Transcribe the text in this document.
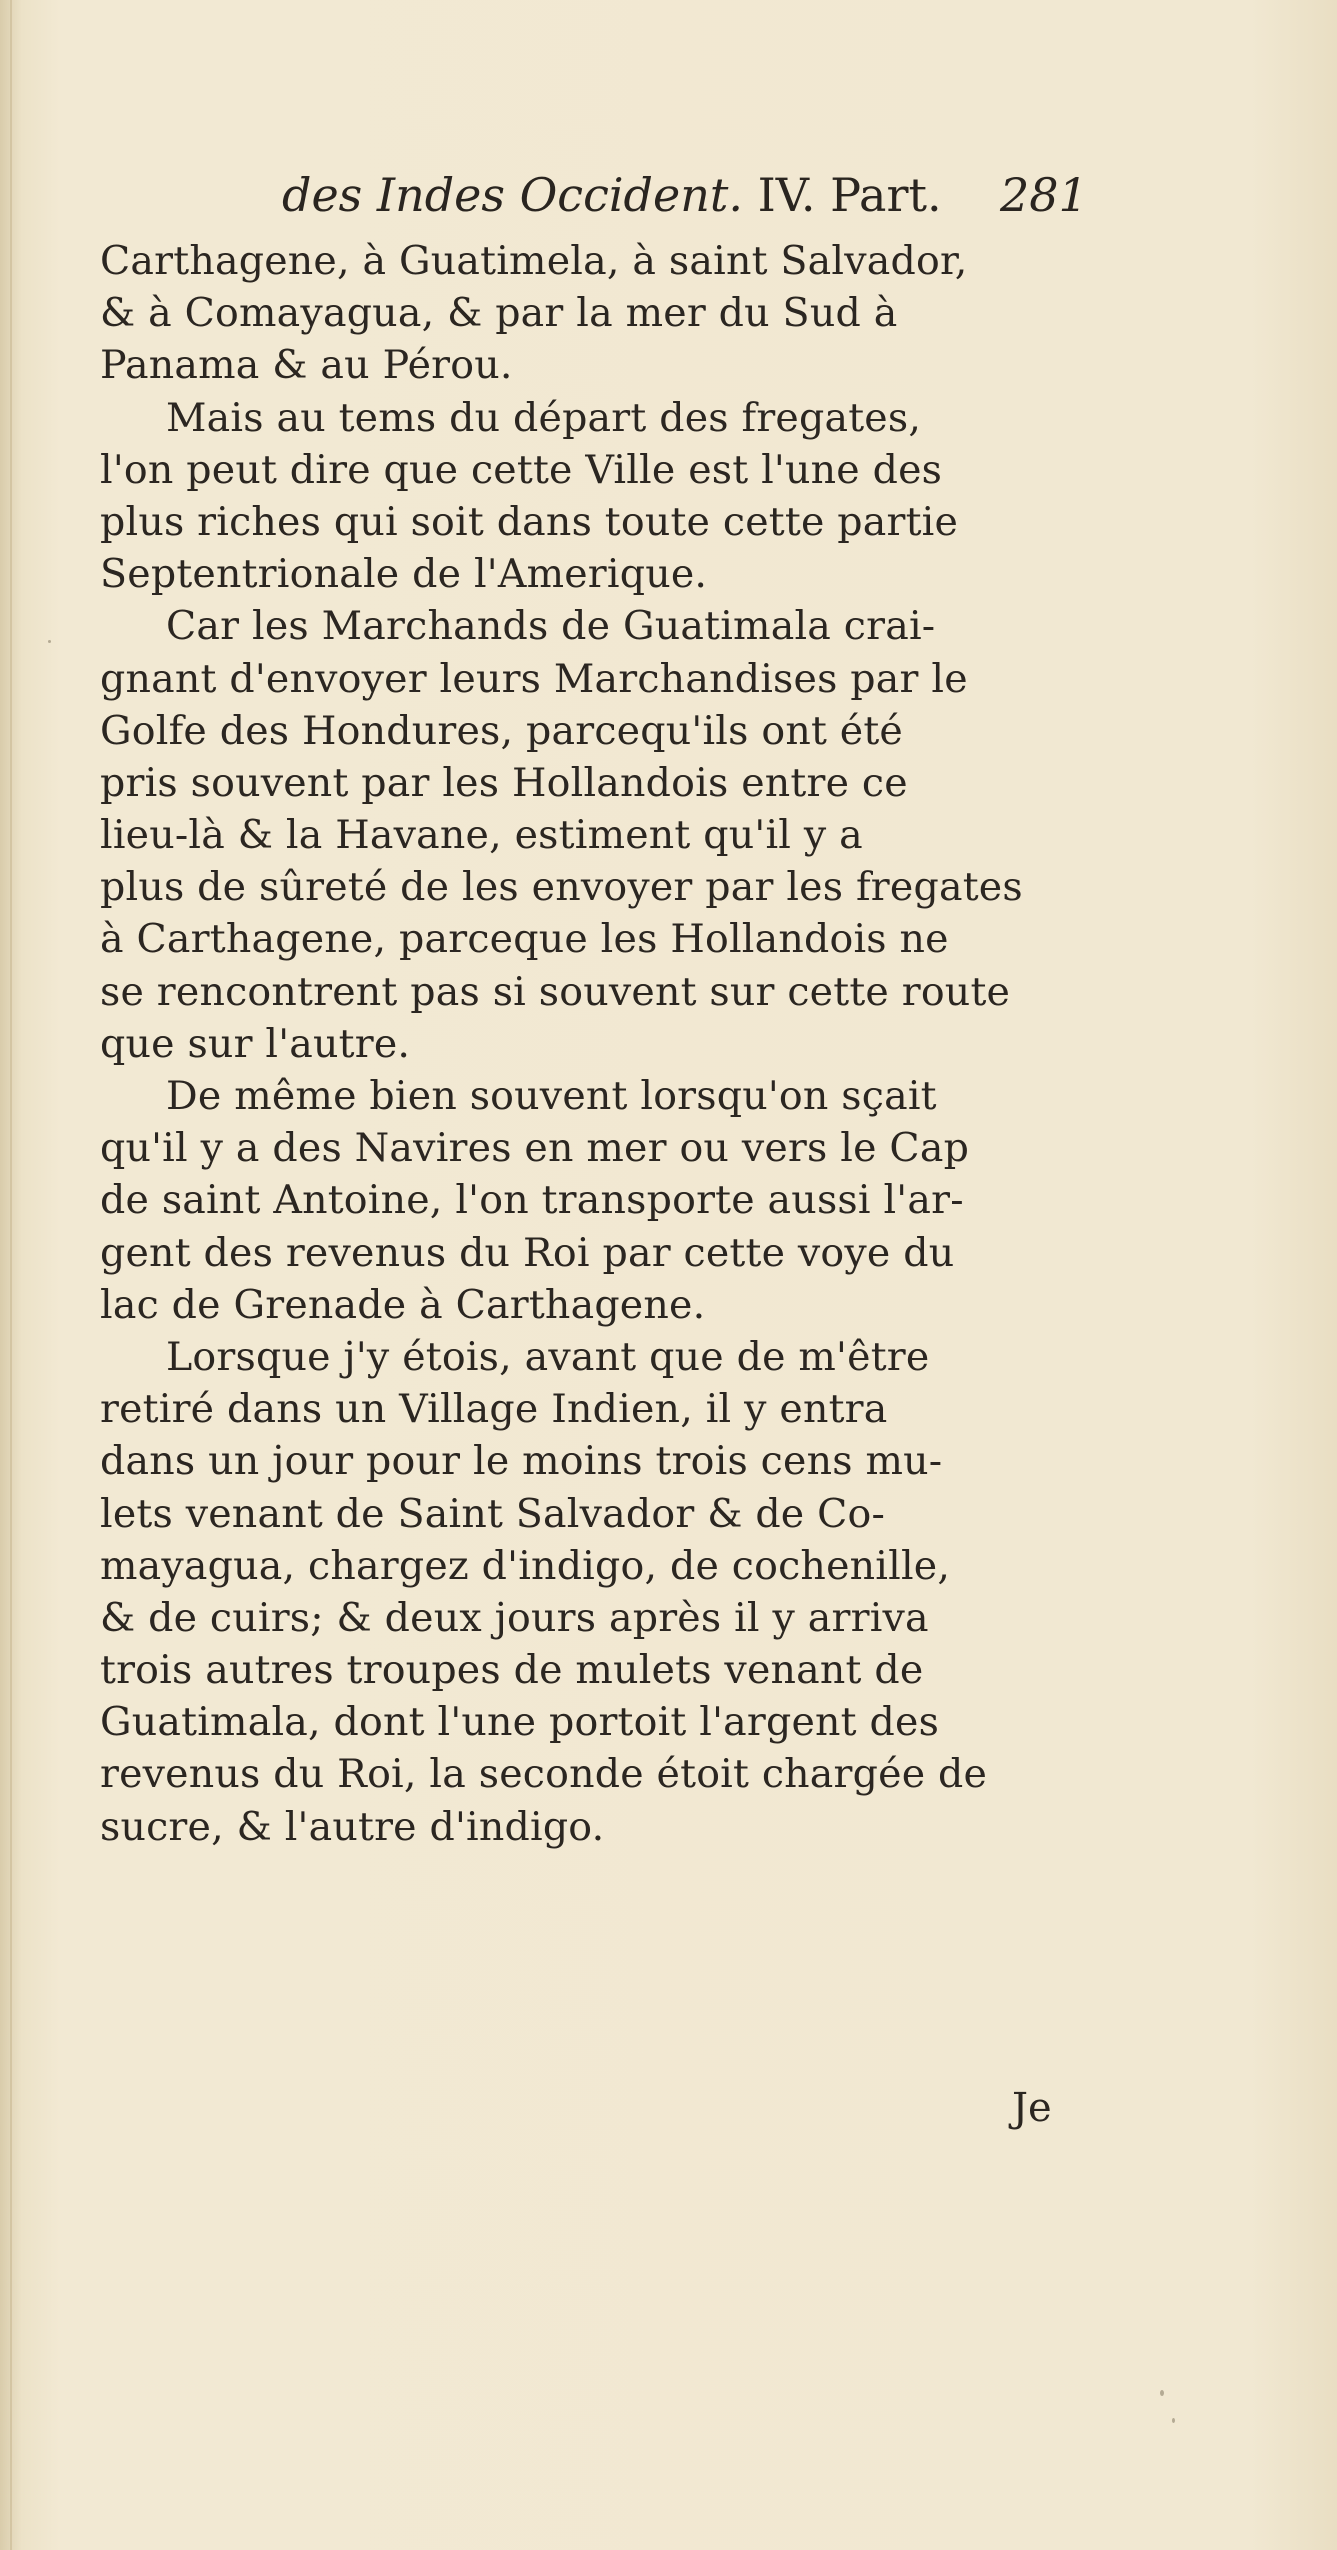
des Indes Occident. IV. Part. 281
Carthagene, à Guatimela, à saint Salvador,
& à Comayagua, & par la mer du Sud à
Panama & au Pérou.
Mais au tems du départ des fregates,
l'on peut dire que cette Ville est l'une des
plus riches qui soit dans toute cette partie
Septentrionale de l'Amerique.
Car les Marchands de Guatimala crai-
gnant d'envoyer leurs Marchandises par le
Golfe des Hondures, parcequ'ils ont été
pris souvent par les Hollandois entre ce
lieu-là & la Havane, estiment qu'il y a
plus de sûreté de les envoyer par les fregates
à Carthagene, parceque les Hollandois ne
se rencontrent pas si souvent sur cette route
que sur l'autre.
De même bien souvent lorsqu'on sçait
qu'il y a des Navires en mer ou vers le Cap
de saint Antoine, l'on transporte aussi l'ar-
gent des revenus du Roi par cette voye du
lac de Grenade à Carthagene.
Lorsque j'y étois, avant que de m'être
retiré dans un Village Indien, il y entra
dans un jour pour le moins trois cens mu-
lets venant de Saint Salvador & de Co-
mayagua, chargez d'indigo, de cochenille,
& de cuirs; & deux jours après il y arriva
trois autres troupes de mulets venant de
Guatimala, dont l'une portoit l'argent des
revenus du Roi, la seconde étoit chargée de
sucre, & l'autre d'indigo.
Je
